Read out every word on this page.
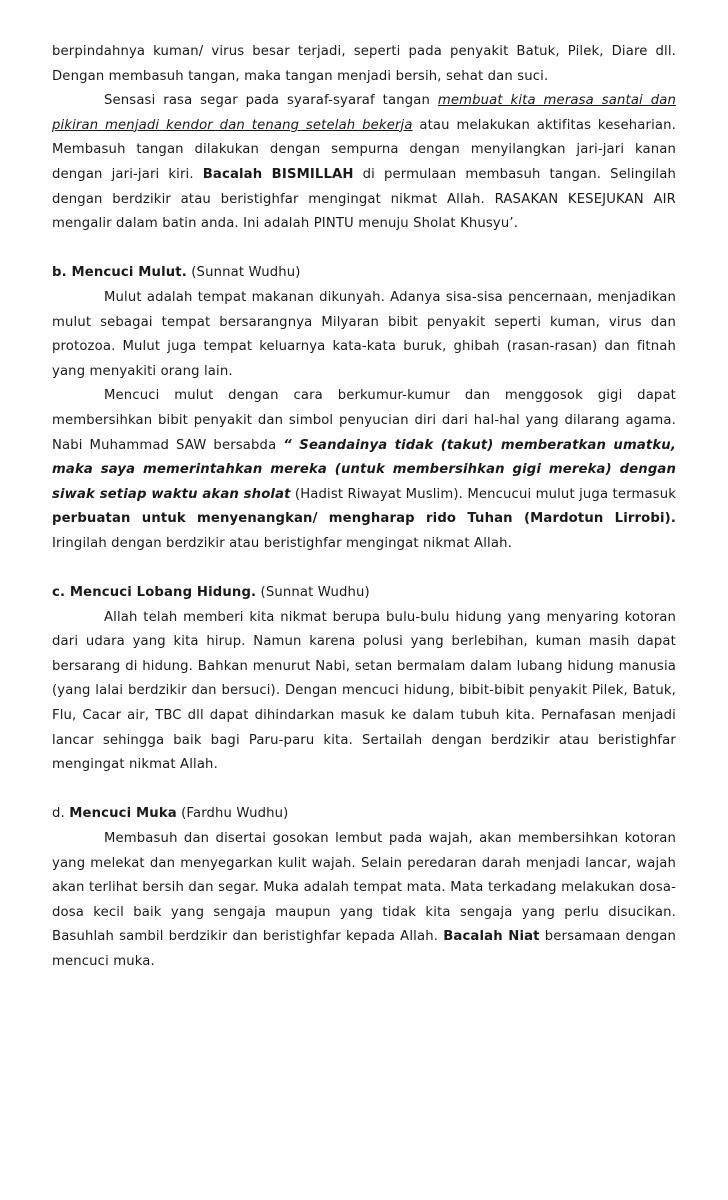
berpindahnya kuman/ virus besar terjadi, seperti pada penyakit Batuk, Pilek, Diare dll. Dengan membasuh tangan, maka tangan menjadi bersih, sehat dan suci.

Sensasi rasa segar pada syaraf-syaraf tangan membuat kita merasa santai dan pikiran menjadi kendor dan tenang setelah bekerja atau melakukan aktifitas keseharian. Membasuh tangan dilakukan dengan sempurna dengan menyilangkan jari-jari kanan dengan jari-jari kiri. Bacalah BISMILLAH di permulaan membasuh tangan. Selingilah dengan berdzikir atau beristighfar mengingat nikmat Allah. RASAKAN KESEJUKAN AIR mengalir dalam batin anda. Ini adalah PINTU menuju Sholat Khusyu’.

b. Mencuci Mulut. (Sunnat Wudhu)

Mulut adalah tempat makanan dikunyah. Adanya sisa-sisa pencernaan, menjadikan mulut sebagai tempat bersarangnya Milyaran bibit penyakit seperti kuman, virus dan protozoa. Mulut juga tempat keluarnya kata-kata buruk, ghibah (rasan-rasan) dan fitnah yang menyakiti orang lain.

Mencuci mulut dengan cara berkumur-kumur dan menggosok gigi dapat membersihkan bibit penyakit dan simbol penyucian diri dari hal-hal yang dilarang agama. Nabi Muhammad SAW bersabda “ Seandainya tidak (takut) memberatkan umatku, maka saya memerintahkan mereka (untuk membersihkan gigi mereka) dengan siwak setiap waktu akan sholat (Hadist Riwayat Muslim). Mencucui mulut juga termasuk perbuatan untuk menyenangkan/ mengharap rido Tuhan (Mardotun Lirrobi). Iringilah dengan berdzikir atau beristighfar mengingat nikmat Allah.

c. Mencuci Lobang Hidung. (Sunnat Wudhu)

Allah telah memberi kita nikmat berupa bulu-bulu hidung yang menyaring kotoran dari udara yang kita hirup. Namun karena polusi yang berlebihan, kuman masih dapat bersarang di hidung. Bahkan menurut Nabi, setan bermalam dalam lubang hidung manusia (yang lalai berdzikir dan bersuci). Dengan mencuci hidung, bibit-bibit penyakit Pilek, Batuk, Flu, Cacar air, TBC dll dapat dihindarkan masuk ke dalam tubuh kita. Pernafasan menjadi lancar sehingga baik bagi Paru-paru kita. Sertailah dengan berdzikir atau beristighfar mengingat nikmat Allah.

d. Mencuci Muka (Fardhu Wudhu)

Membasuh dan disertai gosokan lembut pada wajah, akan membersihkan kotoran yang melekat dan menyegarkan kulit wajah. Selain peredaran darah menjadi lancar, wajah akan terlihat bersih dan segar. Muka adalah tempat mata. Mata terkadang melakukan dosa-dosa kecil baik yang sengaja maupun yang tidak kita sengaja yang perlu disucikan. Basuhlah sambil berdzikir dan beristighfar kepada Allah. Bacalah Niat bersamaan dengan mencuci muka.
